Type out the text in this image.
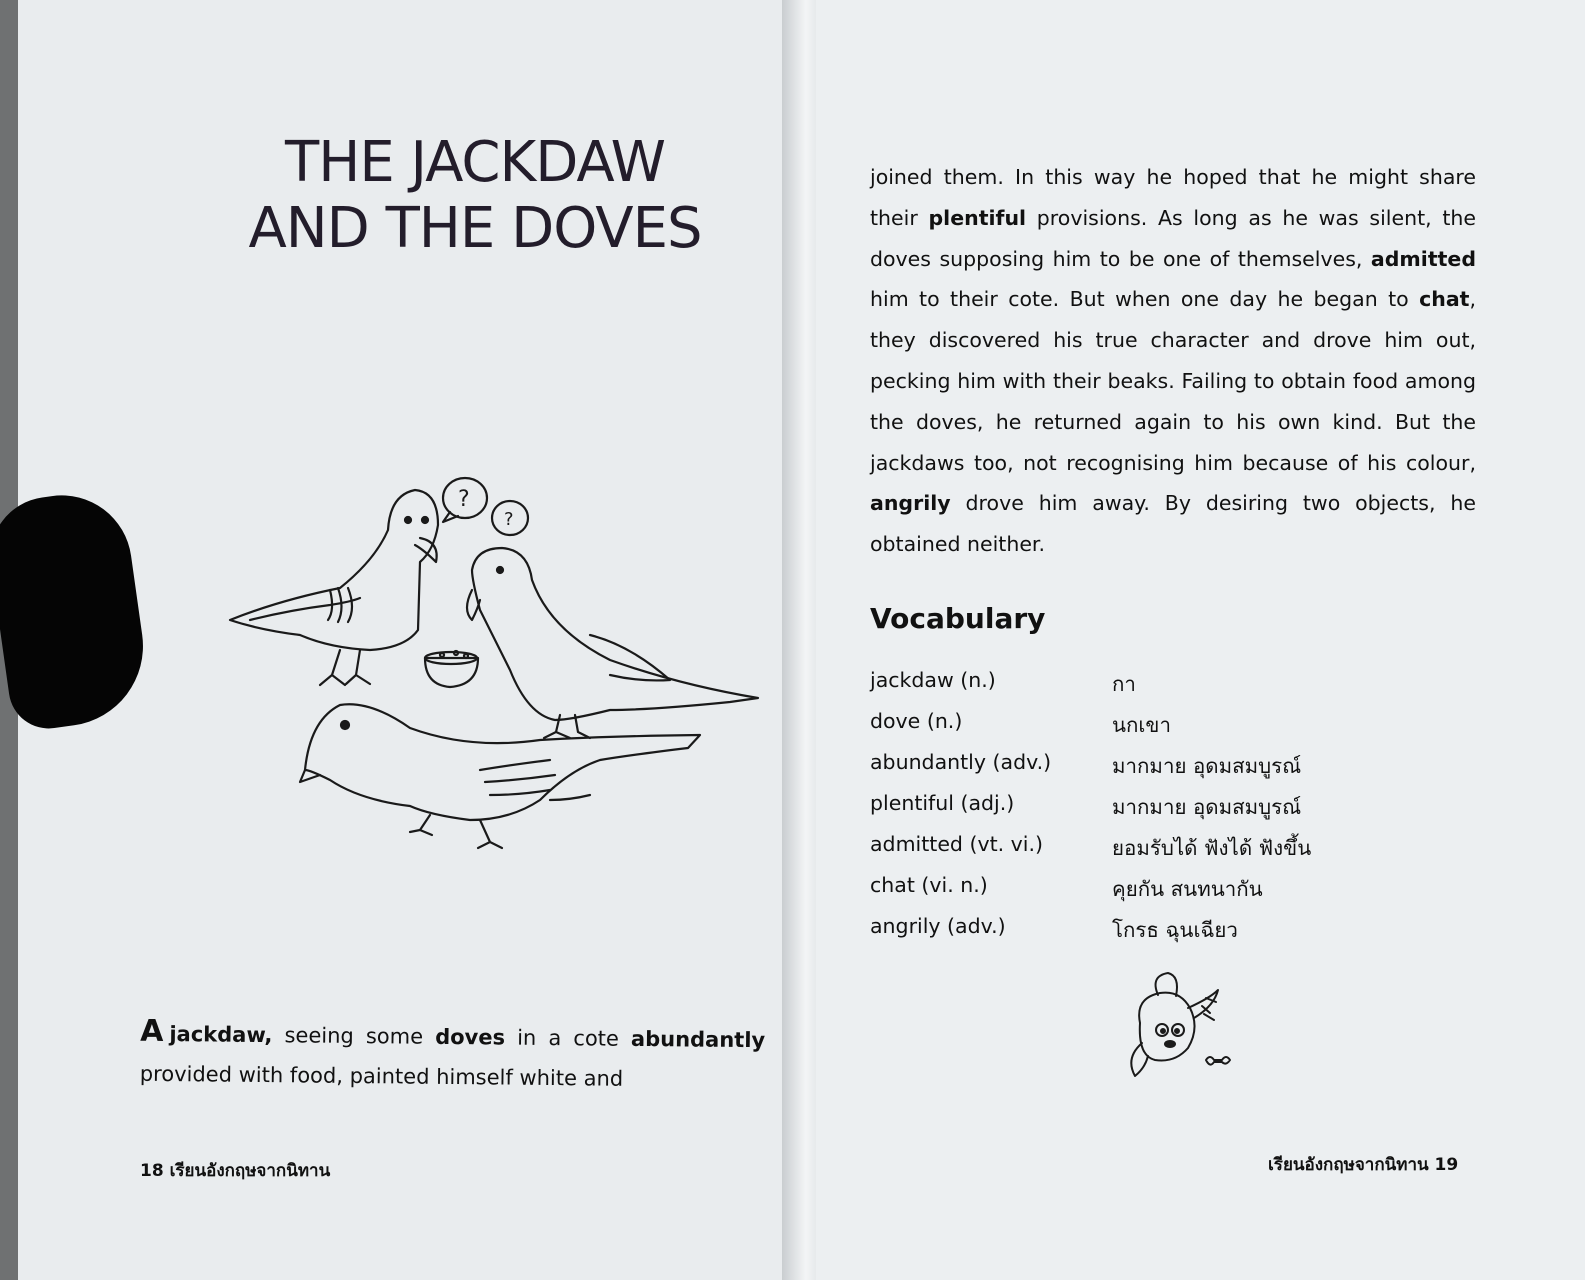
THE JACKDAW
AND THE DOVES
?
?
A jackdaw, seeing some doves in a cote abundantly provided with food, painted himself white and
18 เรียนอังกฤษจากนิทาน
joined them. In this way he hoped that he might share their plentiful provisions. As long as he was silent, the doves supposing him to be one of themselves, admitted him to their cote. But when one day he began to chat, they discovered his true character and drove him out, pecking him with their beaks. Failing to obtain food among the doves, he returned again to his own kind. But the jackdaws too, not recognising him because of his colour, angrily drove him away. By desiring two objects, he obtained neither.
Vocabulary
jackdaw (n.)	กา
dove (n.)	นกเขา
abundantly (adv.)	มากมาย อุดมสมบูรณ์
plentiful (adj.)	มากมาย อุดมสมบูรณ์
admitted (vt. vi.)	ยอมรับได้ ฟังได้ ฟังขึ้น
chat (vi. n.)	คุยกัน สนทนากัน
angrily (adv.)	โกรธ ฉุนเฉียว
เรียนอังกฤษจากนิทาน 19
